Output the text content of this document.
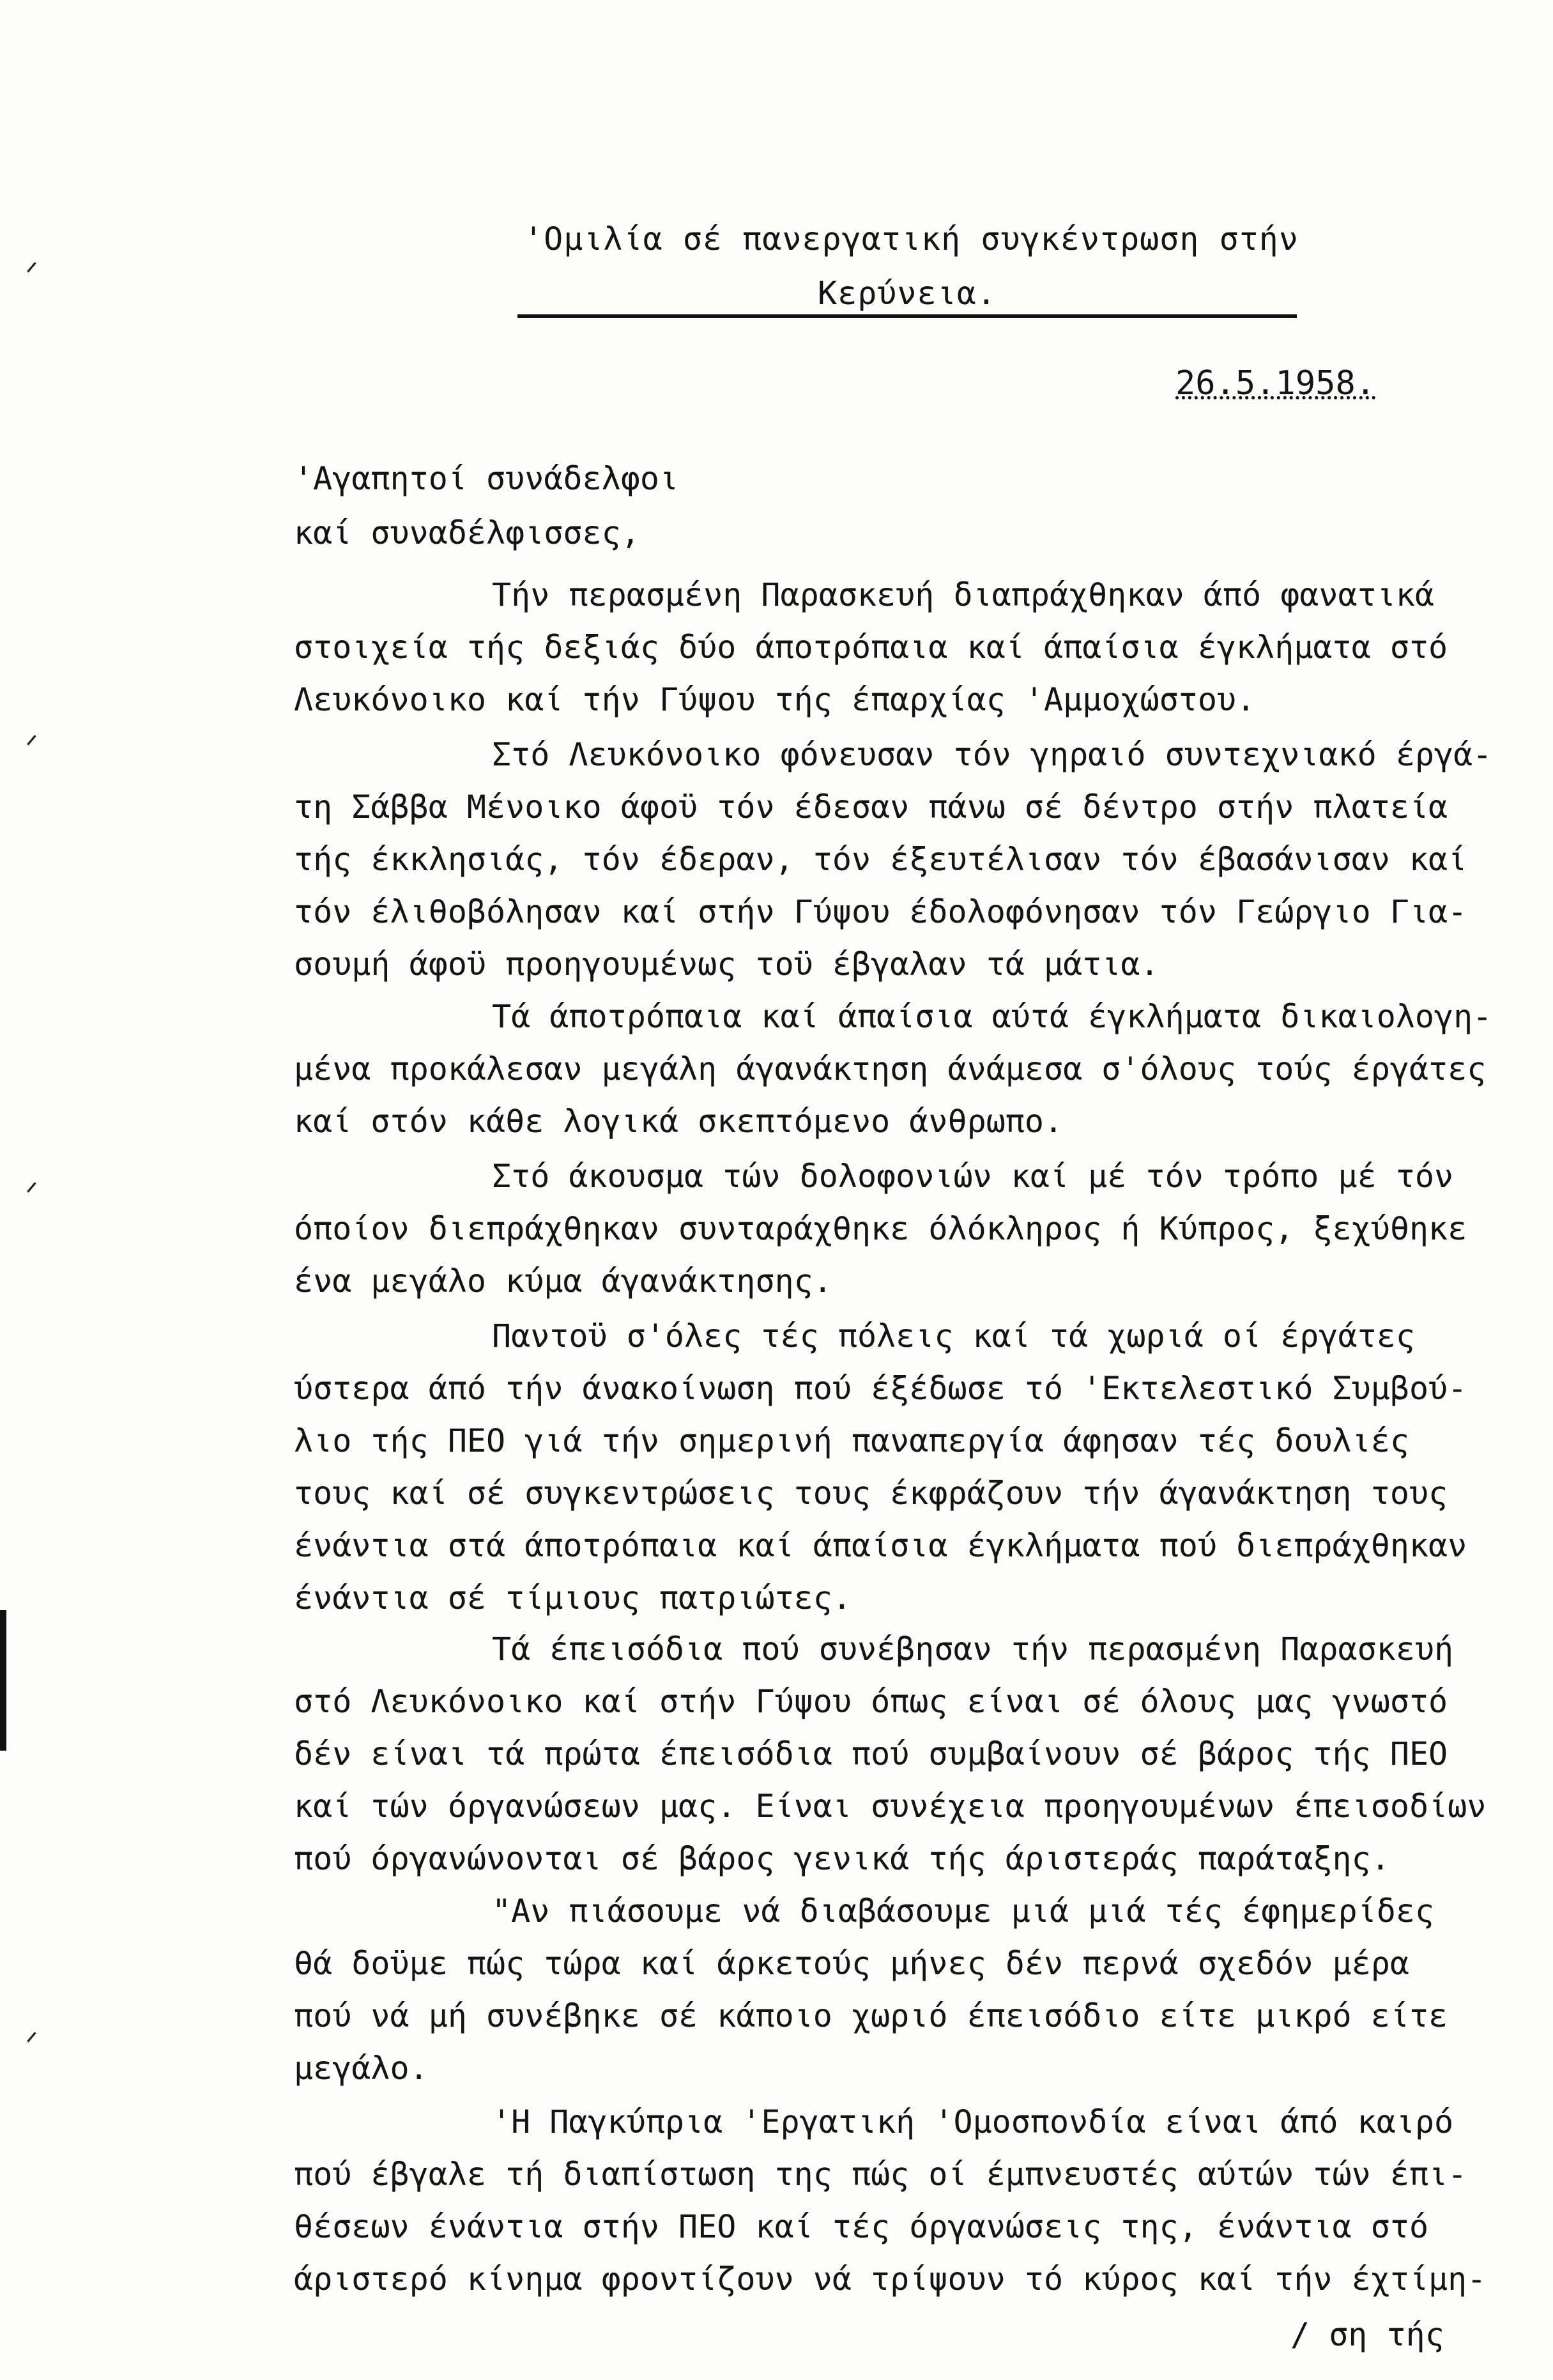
'Ομιλία σέ πανεργατική συγκέντρωση στήν
Κερύνεια.
26.5.1958.
'Αγαπητοί συνάδελφοι
καί συναδέλφισσες,
Τήν περασμένη Παρασκευή διαπράχθηκαν άπό φανατικά
στοιχεία τής δεξιάς δύο άποτρόπαια καί άπαίσια έγκλήματα στό
Λευκόνοικο καί τήν Γύψου τής έπαρχίας 'Αμμοχώστου.
Στό Λευκόνοικο φόνευσαν τόν γηραιό συντεχνιακό έργά-
τη Σάββα Μένοικο άφοϋ τόν έδεσαν πάνω σέ δέντρο στήν πλατεία
τής έκκλησιάς, τόν έδεραν, τόν έξευτέλισαν τόν έβασάνισαν καί
τόν έλιθοβόλησαν καί στήν Γύψου έδολοφόνησαν τόν Γεώργιο Για-
σουμή άφοϋ προηγουμένως τοϋ έβγαλαν τά μάτια.
Τά άποτρόπαια καί άπαίσια αύτά έγκλήματα δικαιολογη-
μένα προκάλεσαν μεγάλη άγανάκτηση άνάμεσα σ'όλους τούς έργάτες
καί στόν κάθε λογικά σκεπτόμενο άνθρωπο.
Στό άκουσμα τών δολοφονιών καί μέ τόν τρόπο μέ τόν
όποίον διεπράχθηκαν συνταράχθηκε όλόκληρος ή Κύπρος, ξεχύθηκε
ένα μεγάλο κύμα άγανάκτησης.
Παντοϋ σ'όλες τές πόλεις καί τά χωριά οί έργάτες
ύστερα άπό τήν άνακοίνωση πού έξέδωσε τό 'Εκτελεστικό Συμβού-
λιο τής ΠΕΟ γιά τήν σημερινή παναπεργία άφησαν τές δουλιές
τους καί σέ συγκεντρώσεις τους έκφράζουν τήν άγανάκτηση τους
ένάντια στά άποτρόπαια καί άπαίσια έγκλήματα πού διεπράχθηκαν
ένάντια σέ τίμιους πατριώτες.
Τά έπεισόδια πού συνέβησαν τήν περασμένη Παρασκευή
στό Λευκόνοικο καί στήν Γύψου όπως είναι σέ όλους μας γνωστό
δέν είναι τά πρώτα έπεισόδια πού συμβαίνουν σέ βάρος τής ΠΕΟ
καί τών όργανώσεων μας. Είναι συνέχεια προηγουμένων έπεισοδίων
πού όργανώνονται σέ βάρος γενικά τής άριστεράς παράταξης.
"Αν πιάσουμε νά διαβάσουμε μιά μιά τές έφημερίδες
θά δοϋμε πώς τώρα καί άρκετούς μήνες δέν περνά σχεδόν μέρα
πού νά μή συνέβηκε σέ κάποιο χωριό έπεισόδιο είτε μικρό είτε
μεγάλο.
'Η Παγκύπρια 'Εργατική 'Ομοσπονδία είναι άπό καιρό
πού έβγαλε τή διαπίστωση της πώς οί έμπνευστές αύτών τών έπι-
θέσεων ένάντια στήν ΠΕΟ καί τές όργανώσεις της, ένάντια στό
άριστερό κίνημα φροντίζουν νά τρίψουν τό κύρος καί τήν έχτίμη-
/ ση τής
ᐟ
ᐟ
ᐟ
ᐟ
